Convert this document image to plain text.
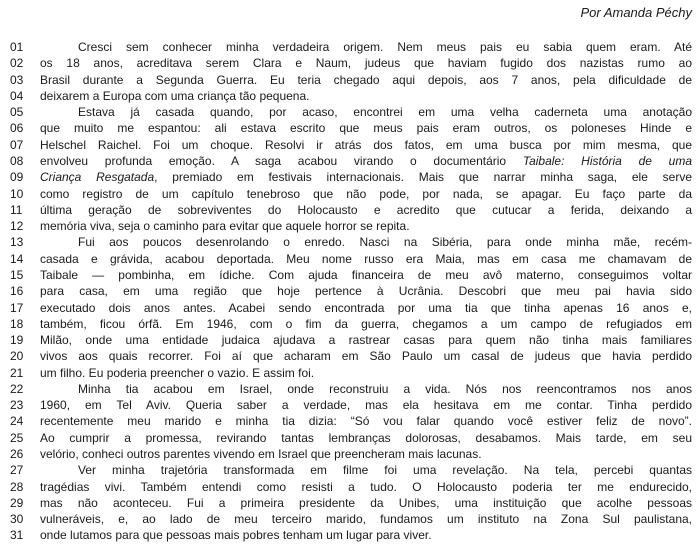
Por Amanda Péchy
01	Cresci sem conhecer minha verdadeira origem. Nem meus pais eu sabia quem eram. Até
02	os 18 anos, acreditava serem Clara e Naum, judeus que haviam fugido dos nazistas rumo ao
03	Brasil durante a Segunda Guerra. Eu teria chegado aqui depois, aos 7 anos, pela dificuldade de
04	deixarem a Europa com uma criança tão pequena.
05	Estava já casada quando, por acaso, encontrei em uma velha caderneta uma anotação
06	que muito me espantou: ali estava escrito que meus pais eram outros, os poloneses Hinde e
07	Helschel Raichel. Foi um choque. Resolvi ir atrás dos fatos, em uma busca por mim mesma, que
08	envolveu profunda emoção. A saga acabou virando o documentário Taibale: História de uma
09	Criança Resgatada, premiado em festivais internacionais. Mais que narrar minha saga, ele serve
10	como registro de um capítulo tenebroso que não pode, por nada, se apagar. Eu faço parte da
11	última geração de sobreviventes do Holocausto e acredito que cutucar a ferida, deixando a
12	memória viva, seja o caminho para evitar que aquele horror se repita.
13	Fui aos poucos desenrolando o enredo. Nasci na Sibéria, para onde minha mãe, recém-
14	casada e grávida, acabou deportada. Meu nome russo era Maia, mas em casa me chamavam de
15	Taibale — pombinha, em ídiche. Com ajuda financeira de meu avô materno, conseguimos voltar
16	para casa, em uma região que hoje pertence à Ucrânia. Descobri que meu pai havia sido
17	executado dois anos antes. Acabei sendo encontrada por uma tia que tinha apenas 16 anos e,
18	também, ficou órfã. Em 1946, com o fim da guerra, chegamos a um campo de refugiados em
19	Milão, onde uma entidade judaica ajudava a rastrear casas para quem não tinha mais familiares
20	vivos aos quais recorrer. Foi aí que acharam em São Paulo um casal de judeus que havia perdido
21	um filho. Eu poderia preencher o vazio. E assim foi.
22	Minha tia acabou em Israel, onde reconstruiu a vida. Nós nos reencontramos nos anos
23	1960, em Tel Aviv. Queria saber a verdade, mas ela hesitava em me contar. Tinha perdido
24	recentemente meu marido e minha tia dizia: “Só vou falar quando você estiver feliz de novo”.
25	Ao cumprir a promessa, revirando tantas lembranças dolorosas, desabamos. Mais tarde, em seu
26	velório, conheci outros parentes vivendo em Israel que preencheram mais lacunas.
27	Ver minha trajetória transformada em filme foi uma revelação. Na tela, percebi quantas
28	tragédias vivi. Também entendi como resisti a tudo. O Holocausto poderia ter me endurecido,
29	mas não aconteceu. Fui a primeira presidente da Unibes, uma instituição que acolhe pessoas
30	vulneráveis, e, ao lado de meu terceiro marido, fundamos um instituto na Zona Sul paulistana,
31	onde lutamos para que pessoas mais pobres tenham um lugar para viver.
